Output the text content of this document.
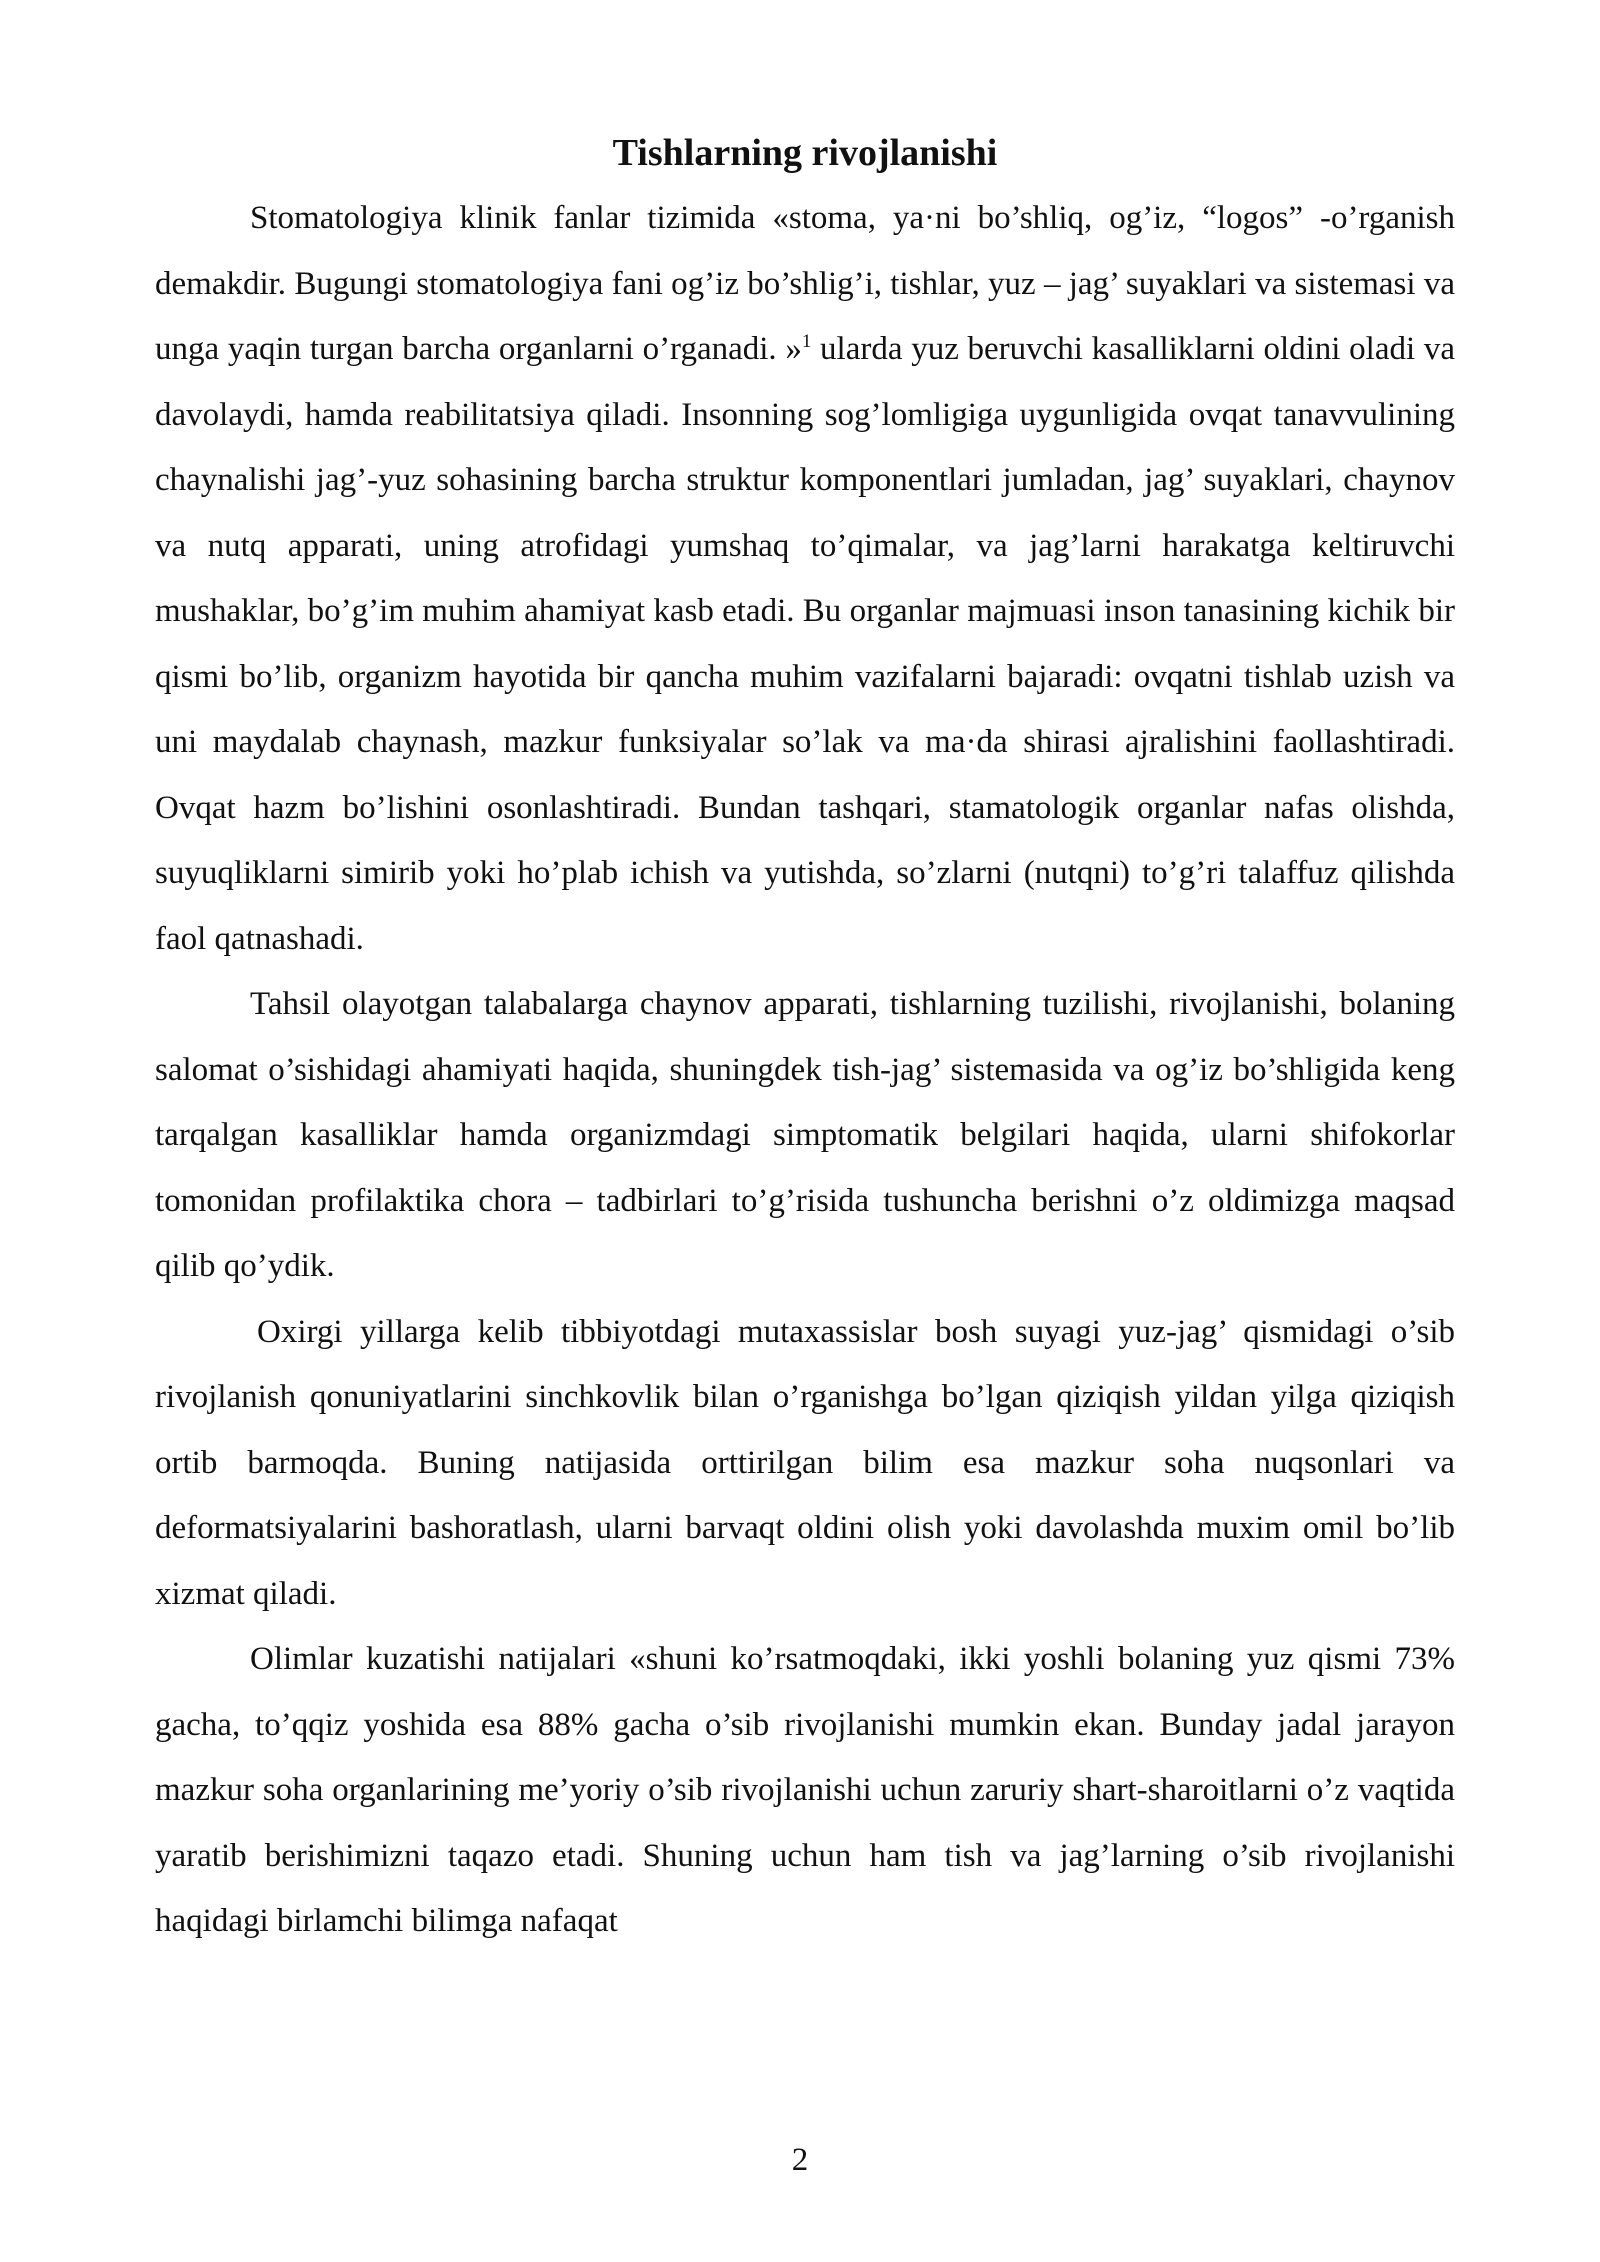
Tishlarning rivojlanishi

Stomatologiya klinik fanlar tizimida «stoma, ya·ni bo’shliq, og’iz, “logos” -o’rganish demakdir. Bugungi stomatologiya fani og’iz bo’shlig’i, tishlar, yuz – jag’ suyaklari va sistemasi va unga yaqin turgan barcha organlarni o’rganadi. »$^1$ ularda yuz beruvchi kasalliklarni oldini oladi va davolaydi, hamda reabilitatsiya qiladi. Insonning sog’lomligiga uygunligida ovqat tanavvulining chaynalishi jag’-yuz sohasining barcha struktur komponentlari jumladan, jag’ suyaklari, chaynov va nutq apparati, uning atrofidagi yumshaq to’qimalar, va jag’larni harakatga keltiruvchi mushaklar, bo’g’im muhim ahamiyat kasb etadi. Bu organlar majmuasi inson tanasining kichik bir qismi bo’lib, organizm hayotida bir qancha muhim vazifalarni bajaradi: ovqatni tishlab uzish va uni maydalab chaynash, mazkur funksiyalar so’lak va ma·da shirasi ajralishini faollashtiradi. Ovqat hazm bo’lishini osonlashtiradi. Bundan tashqari, stamatologik organlar nafas olishda, suyuqliklarni simirib yoki ho’plab ichish va yutishda, so’zlarni (nutqni) to’g’ri talaffuz qilishda faol qatnashadi.

Tahsil olayotgan talabalarga chaynov apparati, tishlarning tuzilishi, rivojlanishi, bolaning salomat o’sishidagi ahamiyati haqida, shuningdek tish-jag’ sistemasida va og’iz bo’shligida keng tarqalgan kasalliklar hamda organizmdagi simptomatik belgilari haqida, ularni shifokorlar tomonidan profilaktika chora – tadbirlari to’g’risida tushuncha berishni o’z oldimizga maqsad qilib qo’ydik.

Oxirgi yillarga kelib tibbiyotdagi mutaxassislar bosh suyagi yuz-jag’ qismidagi o’sib rivojlanish qonuniyatlarini sinchkovlik bilan o’rganishga bo’lgan qiziqish yildan yilga qiziqish ortib barmoqda. Buning natijasida orttirilgan bilim esa mazkur soha nuqsonlari va deformatsiyalarini bashoratlash, ularni barvaqt oldini olish yoki davolashda muxim omil bo’lib xizmat qiladi.

Olimlar kuzatishi natijalari «shuni ko’rsatmoqdaki, ikki yoshli bolaning yuz qismi 73% gacha, to’qqiz yoshida esa 88% gacha o’sib rivojlanishi mumkin ekan. Bunday jadal jarayon mazkur soha organlarining me’yoriy o’sib rivojlanishi uchun zaruriy shart-sharoitlarni o’z vaqtida yaratib berishimizni taqazo etadi. Shuning uchun ham tish va jag’larning o’sib rivojlanishi haqidagi birlamchi bilimga nafaqat

2
